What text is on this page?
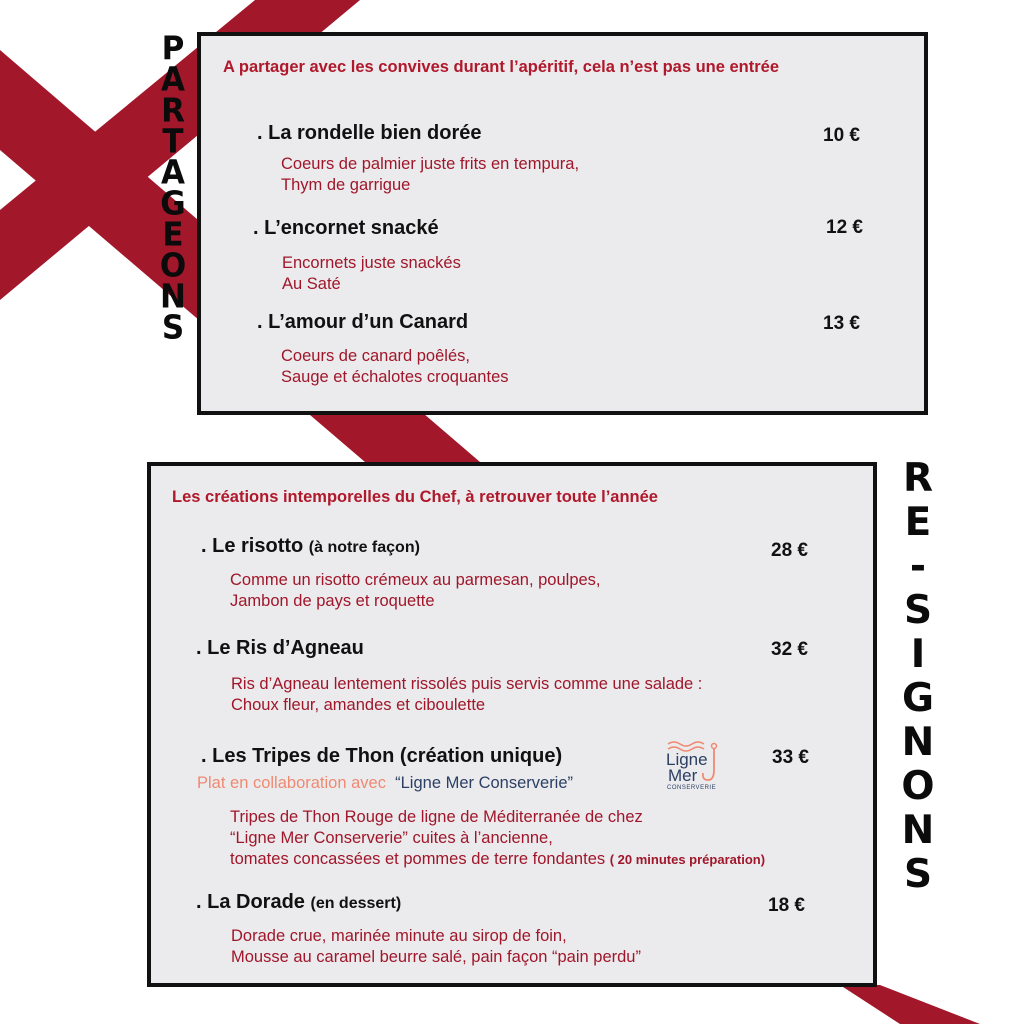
P
A
R
T
A
G
E
O
N
S
R
E
-
S
I
G
N
O
N
S
A partager avec les convives durant l’apéritif, cela n’est pas une entrée
. La rondelle bien dorée	10 €
Coeurs de palmier juste frits en tempura,
Thym de garrigue
. L’encornet snacké	12 €
Encornets juste snackés
Au Saté
. L’amour d’un Canard	13 €
Coeurs de canard poêlés,
Sauge et échalotes croquantes
Les créations intemporelles du Chef, à retrouver toute l’année
. Le risotto (à notre façon)	28 €
Comme un risotto crémeux au parmesan, poulpes,
Jambon de pays et roquette
. Le Ris d’Agneau	32 €
Ris d’Agneau lentement rissolés puis servis comme une salade :
Choux fleur, amandes et ciboulette
. Les Tripes de Thon (création unique)	33 €
Plat en collaboration avec “Ligne Mer Conserverie”
Tripes de Thon Rouge de ligne de Méditerranée de chez
“Ligne Mer Conserverie” cuites à l’ancienne,
tomates concassées et pommes de terre fondantes ( 20 minutes préparation)
. La Dorade (en dessert)	18 €
Dorade crue, marinée minute au sirop de foin,
Mousse au caramel beurre salé, pain façon “pain perdu”
Ligne
Mer
CONSERVERIE
